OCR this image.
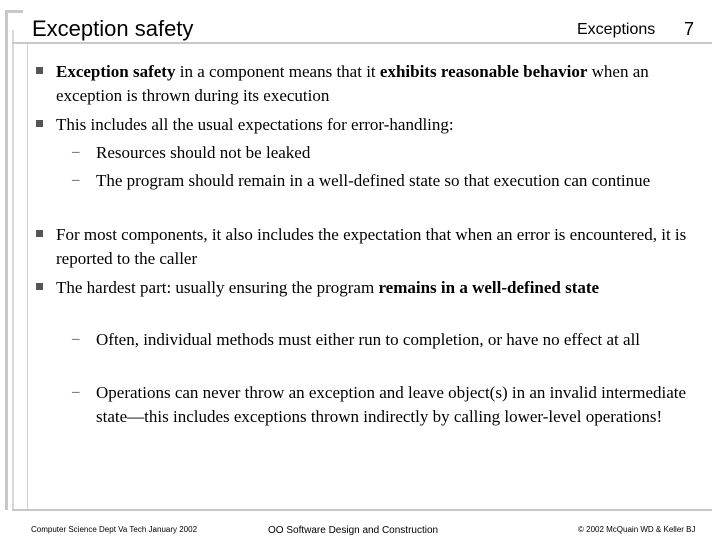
Exception safety	Exceptions 7
Exception safety in a component means that it exhibits reasonable behavior when an exception is thrown during its execution
This includes all the usual expectations for error-handling:
– Resources should not be leaked
– The program should remain in a well-defined state so that execution can continue
For most components, it also includes the expectation that when an error is encountered, it is reported to the caller
The hardest part: usually ensuring the program remains in a well-defined state
– Often, individual methods must either run to completion, or have no effect at all
– Operations can never throw an exception and leave object(s) in an invalid intermediate state—this includes exceptions thrown indirectly by calling lower-level operations!
Computer Science Dept Va Tech January 2002	OO Software Design and Construction	© 2002 McQuain WD & Keller BJ
